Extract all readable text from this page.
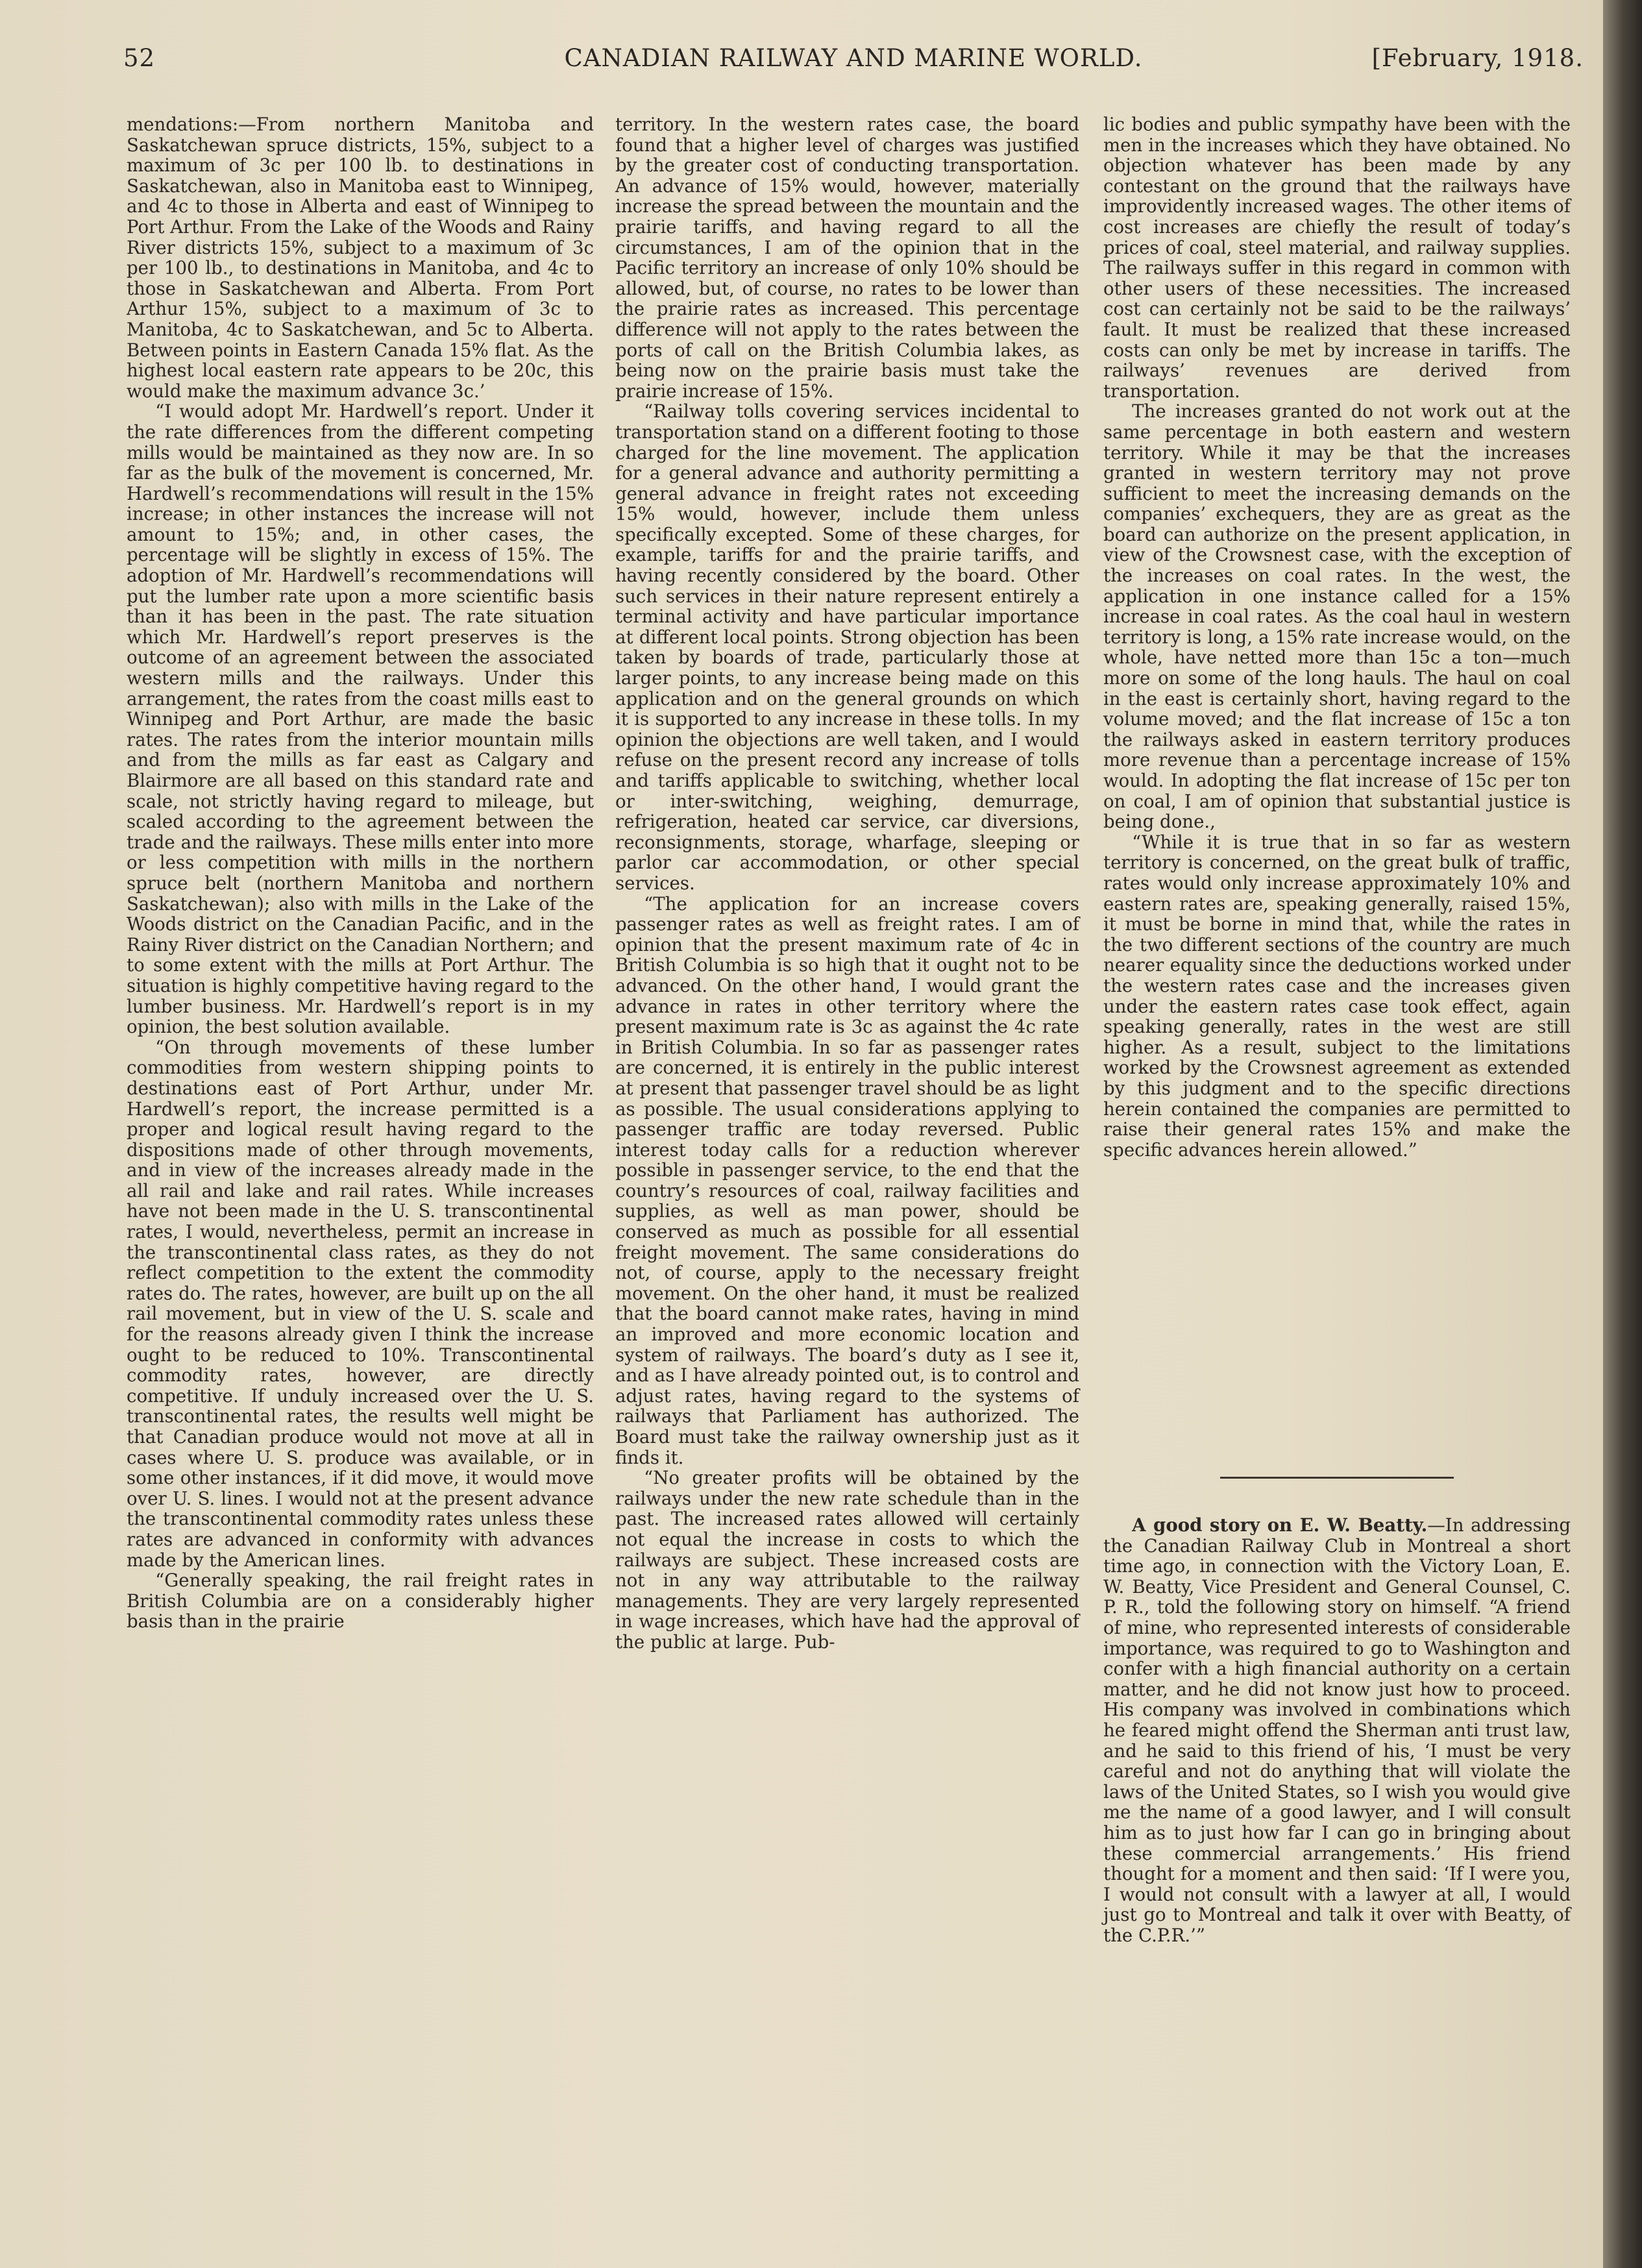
52	CANADIAN RAILWAY AND MARINE WORLD.	[February, 1918.

mendations:—From northern Manitoba and Saskatchewan spruce districts, 15%, subject to a maximum of 3c per 100 lb. to destinations in Saskatchewan, also in Manitoba east to Winnipeg, and 4c to those in Alberta and east of Winnipeg to Port Arthur. From the Lake of the Woods and Rainy River districts 15%, subject to a maximum of 3c per 100 lb., to destinations in Manitoba, and 4c to those in Saskatchewan and Alberta. From Port Arthur 15%, subject to a maximum of 3c to Manitoba, 4c to Saskatchewan, and 5c to Alberta. Between points in Eastern Canada 15% flat. As the highest local eastern rate appears to be 20c, this would make the maximum advance 3c.’

“I would adopt Mr. Hardwell’s report. Under it the rate differences from the different competing mills would be maintained as they now are. In so far as the bulk of the movement is concerned, Mr. Hardwell’s recommendations will result in the 15% increase; in other instances the increase will not amount to 15%; and, in other cases, the percentage will be slightly in excess of 15%. The adoption of Mr. Hardwell’s recommendations will put the lumber rate upon a more scientific basis than it has been in the past. The rate situation which Mr. Hardwell’s report preserves is the outcome of an agreement between the associated western mills and the railways. Under this arrangement, the rates from the coast mills east to Winnipeg and Port Arthur, are made the basic rates. The rates from the interior mountain mills and from the mills as far east as Calgary and Blairmore are all based on this standard rate and scale, not strictly having regard to mileage, but scaled according to the agreement between the trade and the railways. These mills enter into more or less competition with mills in the northern spruce belt (northern Manitoba and northern Saskatchewan); also with mills in the Lake of the Woods district on the Canadian Pacific, and in the Rainy River district on the Canadian Northern; and to some extent with the mills at Port Arthur. The situation is highly competitive having regard to the lumber business. Mr. Hardwell’s report is in my opinion, the best solution available.

“On through movements of these lumber commodities from western shipping points to destinations east of Port Arthur, under Mr. Hardwell’s report, the increase permitted is a proper and logical result having regard to the dispositions made of other through movements, and in view of the increases already made in the all rail and lake and rail rates. While increases have not been made in the U. S. transcontinental rates, I would, nevertheless, permit an increase in the transcontinental class rates, as they do not reflect competition to the extent the commodity rates do. The rates, however, are built up on the all rail movement, but in view of the U. S. scale and for the reasons already given I think the increase ought to be reduced to 10%. Transcontinental commodity rates, however, are directly competitive. If unduly increased over the U. S. transcontinental rates, the results well might be that Canadian produce would not move at all in cases where U. S. produce was available, or in some other instances, if it did move, it would move over U. S. lines. I would not at the present advance the transcontinental commodity rates unless these rates are advanced in conformity with advances made by the American lines.

“Generally speaking, the rail freight rates in British Columbia are on a considerably higher basis than in the prairie

territory. In the western rates case, the board found that a higher level of charges was justified by the greater cost of conducting transportation. An advance of 15% would, however, materially increase the spread between the mountain and the prairie tariffs, and having regard to all the circumstances, I am of the opinion that in the Pacific territory an increase of only 10% should be allowed, but, of course, no rates to be lower than the prairie rates as increased. This percentage difference will not apply to the rates between the ports of call on the British Columbia lakes, as being now on the prairie basis must take the prairie increase of 15%.

“Railway tolls covering services incidental to transportation stand on a different footing to those charged for the line movement. The application for a general advance and authority permitting a general advance in freight rates not exceeding 15% would, however, include them unless specifically excepted. Some of these charges, for example, tariffs for and the prairie tariffs, and having recently considered by the board. Other such services in their nature represent entirely a terminal activity and have particular importance at different local points. Strong objection has been taken by boards of trade, particularly those at larger points, to any increase being made on this application and on the general grounds on which it is supported to any increase in these tolls. In my opinion the objections are well taken, and I would refuse on the present record any increase of tolls and tariffs applicable to switching, whether local or inter-switching, weighing, demurrage, refrigeration, heated car service, car diversions, reconsignments, storage, wharfage, sleeping or parlor car accommodation, or other special services.

“The application for an increase covers passenger rates as well as freight rates. I am of opinion that the present maximum rate of 4c in British Columbia is so high that it ought not to be advanced. On the other hand, I would grant the advance in rates in other territory where the present maximum rate is 3c as against the 4c rate in British Columbia. In so far as passenger rates are concerned, it is entirely in the public interest at present that passenger travel should be as light as possible. The usual considerations applying to passenger traffic are today reversed. Public interest today calls for a reduction wherever possible in passenger service, to the end that the country’s resources of coal, railway facilities and supplies, as well as man power, should be conserved as much as possible for all essential freight movement. The same considerations do not, of course, apply to the necessary freight movement. On the oher hand, it must be realized that the board cannot make rates, having in mind an improved and more economic location and system of railways. The board’s duty as I see it, and as I have already pointed out, is to control and adjust rates, having regard to the systems of railways that Parliament has authorized. The Board must take the railway ownership just as it finds it.

“No greater profits will be obtained by the railways under the new rate schedule than in the past. The increased rates allowed will certainly not equal the increase in costs to which the railways are subject. These increased costs are not in any way attributable to the railway managements. They are very largely represented in wage increases, which have had the approval of the public at large. Pub-

lic bodies and public sympathy have been with the men in the increases which they have obtained. No objection whatever has been made by any contestant on the ground that the railways have improvidently increased wages. The other items of cost increases are chiefly the result of today’s prices of coal, steel material, and railway supplies. The railways suffer in this regard in common with other users of these necessities. The increased cost can certainly not be said to be the railways’ fault. It must be realized that these increased costs can only be met by increase in tariffs. The railways’ revenues are derived from transportation.

The increases granted do not work out at the same percentage in both eastern and western territory. While it may be that the increases granted in western territory may not prove sufficient to meet the increasing demands on the companies’ exchequers, they are as great as the board can authorize on the present application, in view of the Crowsnest case, with the exception of the increases on coal rates. In the west, the application in one instance called for a 15% increase in coal rates. As the coal haul in western territory is long, a 15% rate increase would, on the whole, have netted more than 15c a ton—much more on some of the long hauls. The haul on coal in the east is certainly short, having regard to the volume moved; and the flat increase of 15c a ton the railways asked in eastern territory produces more revenue than a percentage increase of 15% would. In adopting the flat increase of 15c per ton on coal, I am of opinion that substantial justice is being done.,

“While it is true that in so far as western territory is concerned, on the great bulk of traffic, rates would only increase approximately 10% and eastern rates are, speaking generally, raised 15%, it must be borne in mind that, while the rates in the two different sections of the country are much nearer equality since the deductions worked under the western rates case and the increases given under the eastern rates case took effect, again speaking generally, rates in the west are still higher. As a result, subject to the limitations worked by the Crowsnest agreement as extended by this judgment and to the specific directions herein contained the companies are permitted to raise their general rates 15% and make the specific advances herein allowed.”

A good story on E. W. Beatty.—In addressing the Canadian Railway Club in Montreal a short time ago, in connection with the Victory Loan, E. W. Beatty, Vice President and General Counsel, C. P. R., told the following story on himself. “A friend of mine, who represented interests of considerable importance, was required to go to Washington and confer with a high financial authority on a certain matter, and he did not know just how to proceed. His company was involved in combinations which he feared might offend the Sherman anti trust law, and he said to this friend of his, ‘I must be very careful and not do anything that will violate the laws of the United States, so I wish you would give me the name of a good lawyer, and I will consult him as to just how far I can go in bringing about these commercial arrangements.’ His friend thought for a moment and then said: ‘If I were you, I would not consult with a lawyer at all, I would just go to Montreal and talk it over with Beatty, of the C.P.R.’”
